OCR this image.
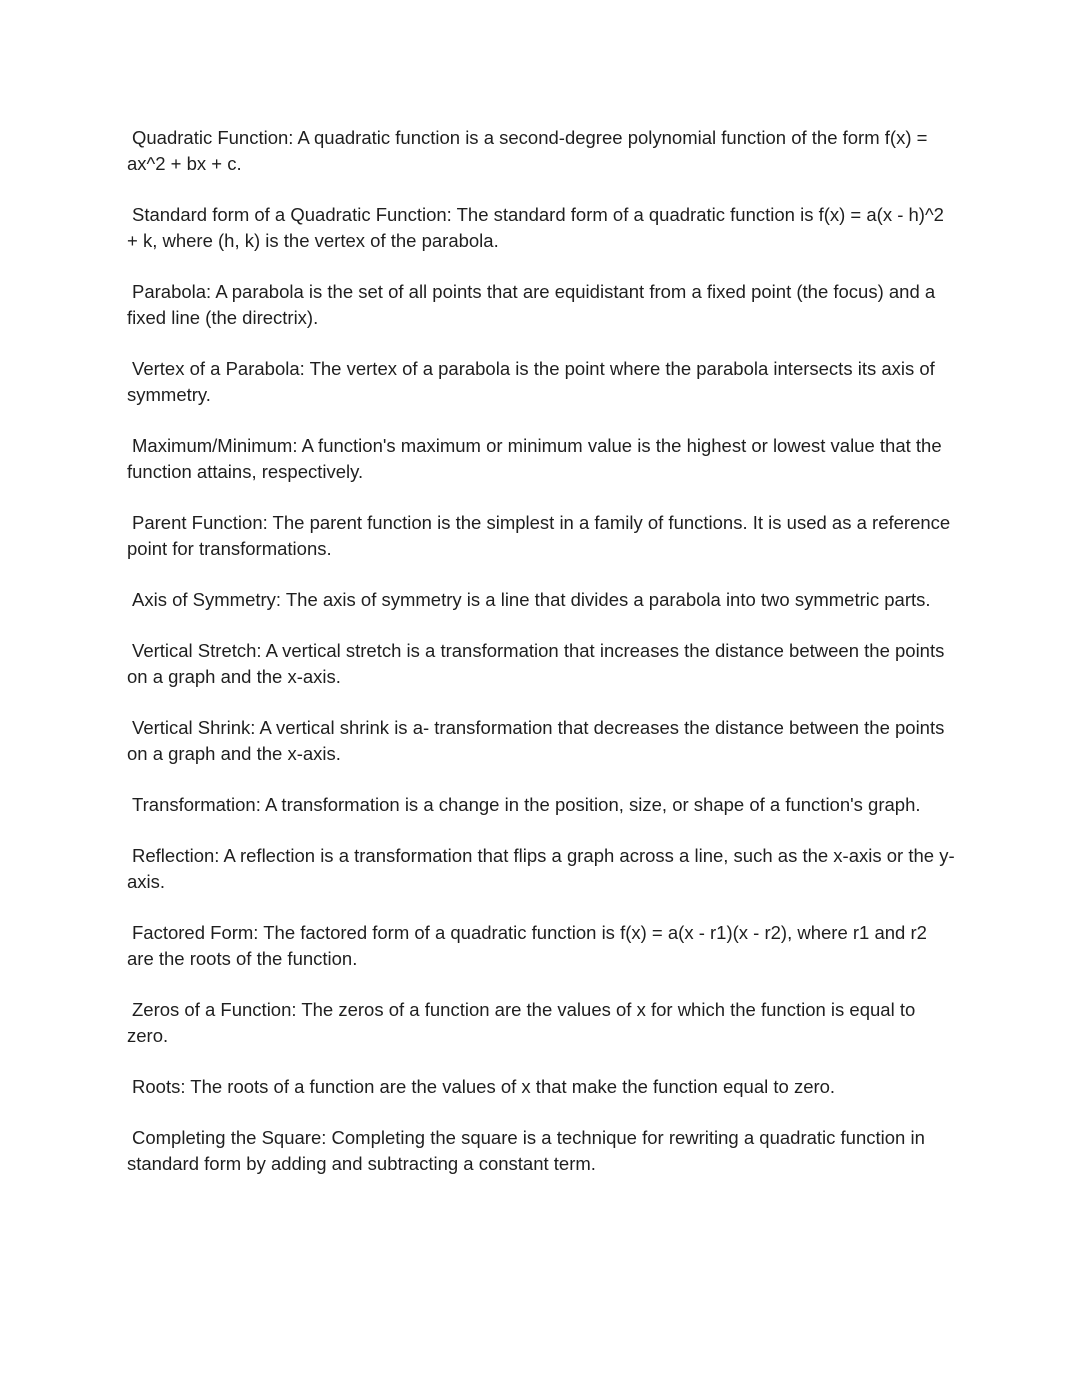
Quadratic Function: A quadratic function is a second-degree polynomial function of the form f(x) = ax^2 + bx + c.

Standard form of a Quadratic Function: The standard form of a quadratic function is f(x) = a(x - h)^2 + k, where (h, k) is the vertex of the parabola.

Parabola: A parabola is the set of all points that are equidistant from a fixed point (the focus) and a fixed line (the directrix).

Vertex of a Parabola: The vertex of a parabola is the point where the parabola intersects its axis of symmetry.

Maximum/Minimum: A function's maximum or minimum value is the highest or lowest value that the function attains, respectively.

Parent Function: The parent function is the simplest in a family of functions. It is used as a reference point for transformations.

Axis of Symmetry: The axis of symmetry is a line that divides a parabola into two symmetric parts.

Vertical Stretch: A vertical stretch is a transformation that increases the distance between the points on a graph and the x-axis.

Vertical Shrink: A vertical shrink is a- transformation that decreases the distance between the points on a graph and the x-axis.

Transformation: A transformation is a change in the position, size, or shape of a function's graph.

Reflection: A reflection is a transformation that flips a graph across a line, such as the x-axis or the y-axis.

Factored Form: The factored form of a quadratic function is f(x) = a(x - r1)(x - r2), where r1 and r2 are the roots of the function.

Zeros of a Function: The zeros of a function are the values of x for which the function is equal to zero.

Roots: The roots of a function are the values of x that make the function equal to zero.

Completing the Square: Completing the square is a technique for rewriting a quadratic function in standard form by adding and subtracting a constant term.
